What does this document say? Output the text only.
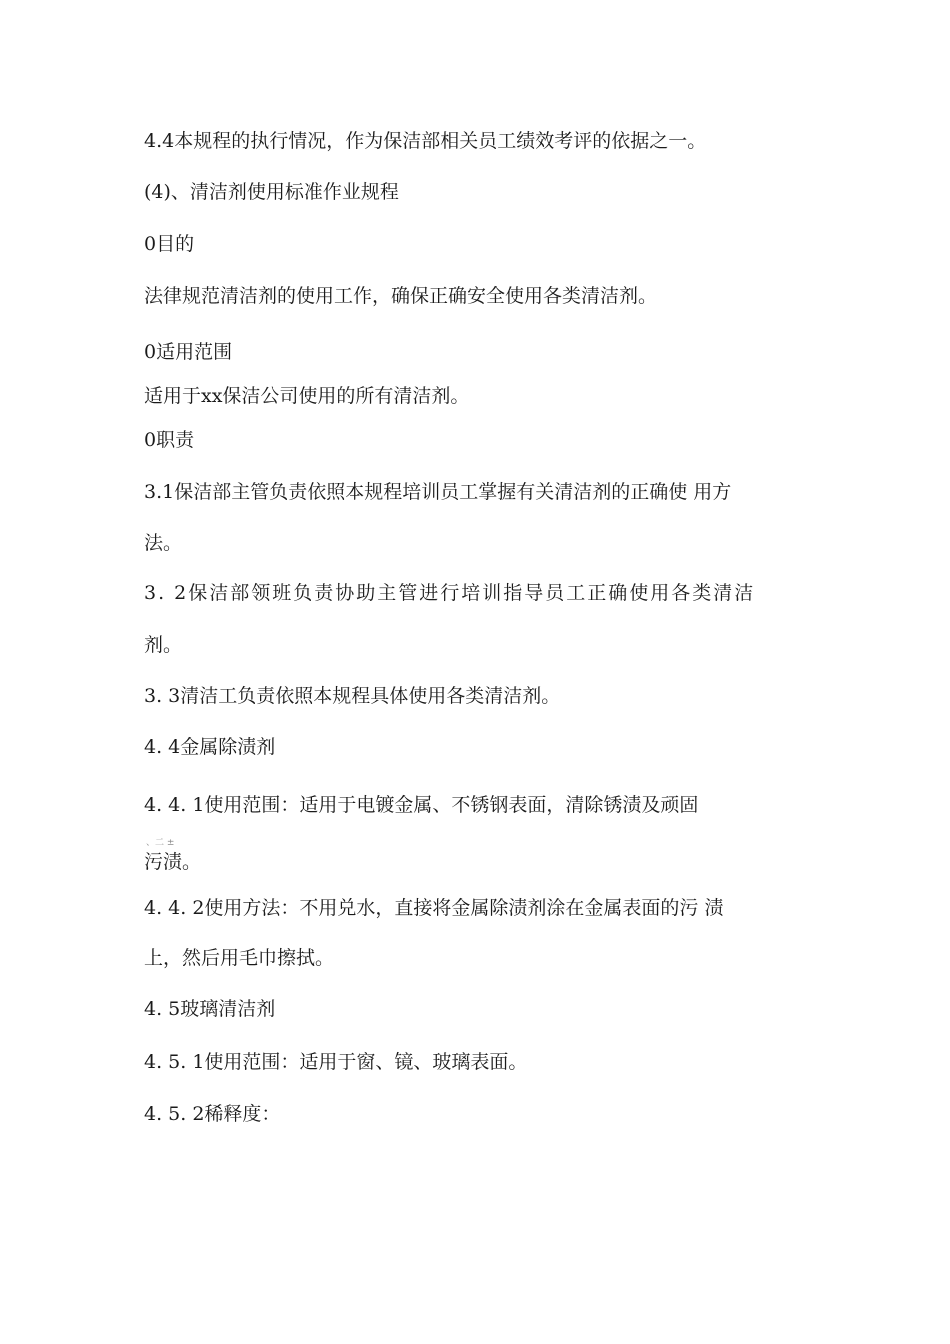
4.4本规程的执行情况，作为保洁部相关员工绩效考评的依据之一。

(4)、清洁剂使用标准作业规程

0目的

法律规范清洁剂的使用工作，确保正确安全使用各类清洁剂。

0适用范围

适用于xx保洁公司使用的所有清洁剂。

0职责

3.1保洁部主管负责依照本规程培训员工掌握有关清洁剂的正确使 用方

法。

3. 2保洁部领班负责协助主管进行培训指导员工正确使用各类清洁

剂。

3. 3清洁工负责依照本规程具体使用各类清洁剂。

4. 4金属除渍剂

4. 4. 1使用范围：适用于电镀金属、不锈钢表面，清除锈渍及顽固

、二 ±

污渍。

4. 4. 2使用方法：不用兑水，直接将金属除渍剂涂在金属表面的污 渍

上，然后用毛巾擦拭。

4. 5玻璃清洁剂

4. 5. 1使用范围：适用于窗、镜、玻璃表面。

4. 5. 2稀释度：
